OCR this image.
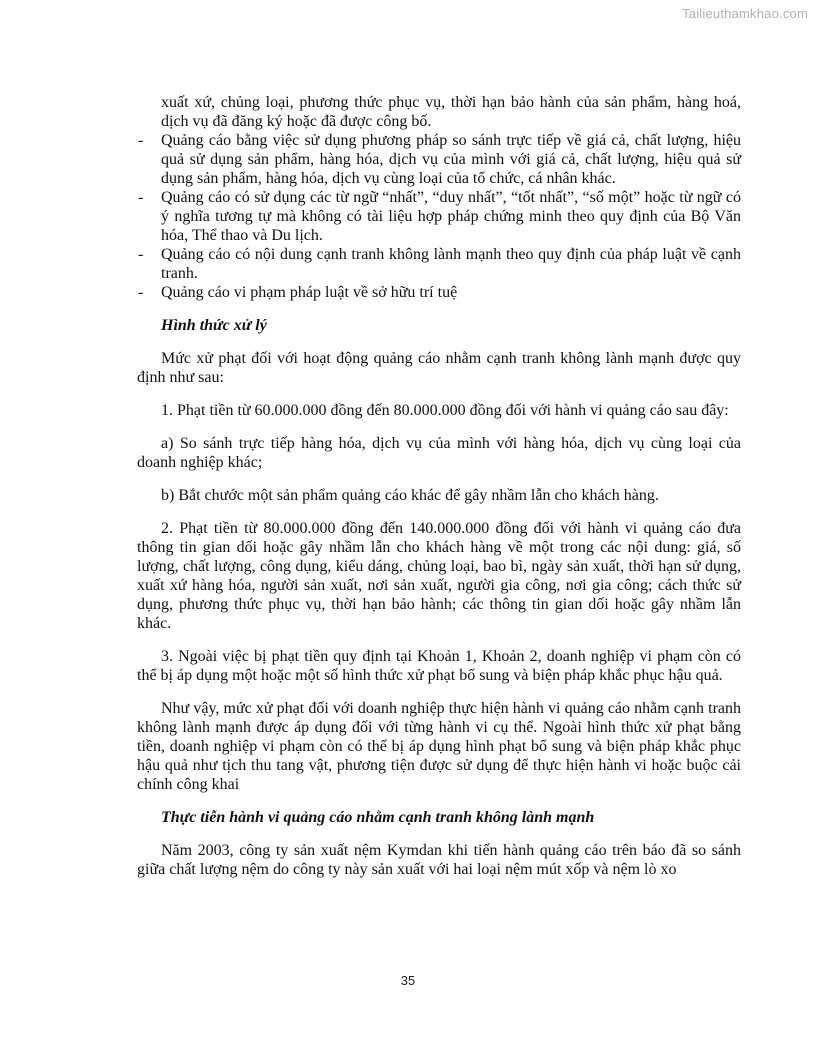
Tailieuthamkhao.com

xuất xứ, chủng loại, phương thức phục vụ, thời hạn bảo hành của sản phẩm, hàng hoá, dịch vụ đã đăng ký hoặc đã được công bố.

- Quảng cáo bằng việc sử dụng phương pháp so sánh trực tiếp về giá cả, chất lượng, hiệu quả sử dụng sản phẩm, hàng hóa, dịch vụ của mình với giá cả, chất lượng, hiệu quả sử dụng sản phẩm, hàng hóa, dịch vụ cùng loại của tổ chức, cá nhân khác.
- Quảng cáo có sử dụng các từ ngữ “nhất”, “duy nhất”, “tốt nhất”, “số một” hoặc từ ngữ có ý nghĩa tương tự mà không có tài liệu hợp pháp chứng minh theo quy định của Bộ Văn hóa, Thể thao và Du lịch.
- Quảng cáo có nội dung cạnh tranh không lành mạnh theo quy định của pháp luật về cạnh tranh.
- Quảng cáo vi phạm pháp luật về sở hữu trí tuệ

Hình thức xử lý

Mức xử phạt đối với hoạt động quảng cáo nhằm cạnh tranh không lành mạnh được quy định như sau:

1. Phạt tiền từ 60.000.000 đồng đến 80.000.000 đồng đối với hành vi quảng cáo sau đây:

a) So sánh trực tiếp hàng hóa, dịch vụ của mình với hàng hóa, dịch vụ cùng loại của doanh nghiệp khác;

b) Bắt chước một sản phẩm quảng cáo khác để gây nhầm lẫn cho khách hàng.

2. Phạt tiền từ 80.000.000 đồng đến 140.000.000 đồng đối với hành vi quảng cáo đưa thông tin gian dối hoặc gây nhầm lẫn cho khách hàng về một trong các nội dung: giá, số lượng, chất lượng, công dụng, kiểu dáng, chủng loại, bao bì, ngày sản xuất, thời hạn sử dụng, xuất xứ hàng hóa, người sản xuất, nơi sản xuất, người gia công, nơi gia công; cách thức sử dụng, phương thức phục vụ, thời hạn bảo hành; các thông tin gian dối hoặc gây nhầm lẫn khác.

3. Ngoài việc bị phạt tiền quy định tại Khoản 1, Khoản 2, doanh nghiệp vi phạm còn có thể bị áp dụng một hoặc một số hình thức xử phạt bổ sung và biện pháp khắc phục hậu quả.

Như vậy, mức xử phạt đối với doanh nghiệp thực hiện hành vi quảng cáo nhằm cạnh tranh không lành mạnh được áp dụng đối với từng hành vi cụ thể. Ngoài hình thức xử phạt bằng tiền, doanh nghiệp vi phạm còn có thể bị áp dụng hình phạt bổ sung và biện pháp khắc phục hậu quả như tịch thu tang vật, phương tiện được sử dụng để thực hiện hành vi hoặc buộc cải chính công khai

Thực tiễn hành vi quảng cáo nhằm cạnh tranh không lành mạnh

Năm 2003, công ty sản xuất nệm Kymdan khi tiến hành quảng cáo trên báo đã so sánh giữa chất lượng nệm do công ty này sản xuất với hai loại nệm mút xốp và nệm lò xo

35
